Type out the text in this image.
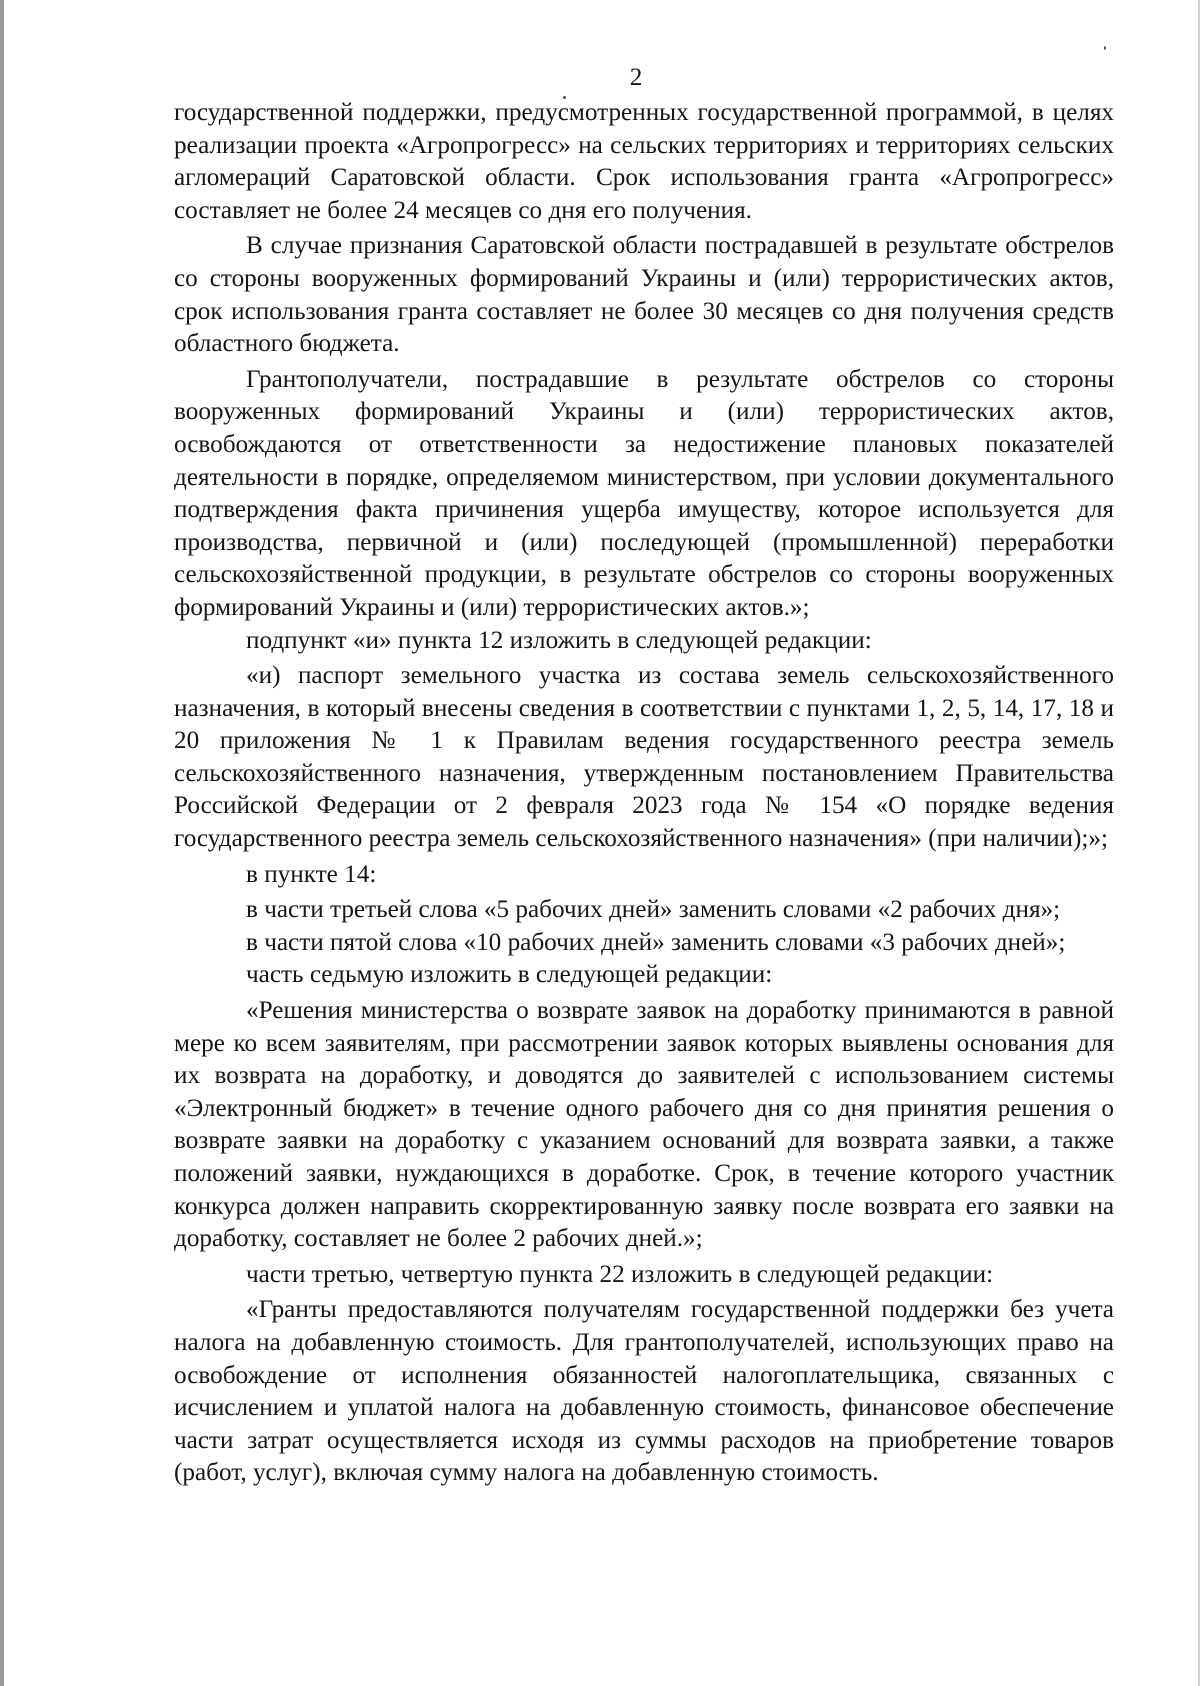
2

государственной поддержки, предусмотренных государственной программой, в целях реализации проекта «Агропрогресс» на сельских территориях и территориях сельских агломераций Саратовской области. Срок использования гранта «Агропрогресс» составляет не более 24 месяцев со дня его получения.

В случае признания Саратовской области пострадавшей в результате обстрелов со стороны вооруженных формирований Украины и (или) террористических актов, срок использования гранта составляет не более 30 месяцев со дня получения средств областного бюджета.

Грантополучатели, пострадавшие в результате обстрелов со стороны вооруженных формирований Украины и (или) террористических актов, освобождаются от ответственности за недостижение плановых показателей деятельности в порядке, определяемом министерством, при условии документального подтверждения факта причинения ущерба имуществу, которое используется для производства, первичной и (или) последующей (промышленной) переработки сельскохозяйственной продукции, в результате обстрелов со стороны вооруженных формирований Украины и (или) террористических актов.»;

подпункт «и» пункта 12 изложить в следующей редакции:

«и) паспорт земельного участка из состава земель сельскохозяйственного назначения, в который внесены сведения в соответствии с пунктами 1, 2, 5, 14, 17, 18 и 20 приложения № 1 к Правилам ведения государственного реестра земель сельскохозяйственного назначения, утвержденным постановлением Правительства Российской Федерации от 2 февраля 2023 года № 154 «О порядке ведения государственного реестра земель сельскохозяйственного назначения» (при наличии);»;

в пункте 14:

в части третьей слова «5 рабочих дней» заменить словами «2 рабочих дня»;

в части пятой слова «10 рабочих дней» заменить словами «3 рабочих дней»;

часть седьмую изложить в следующей редакции:

«Решения министерства о возврате заявок на доработку принимаются в равной мере ко всем заявителям, при рассмотрении заявок которых выявлены основания для их возврата на доработку, и доводятся до заявителей с использованием системы «Электронный бюджет» в течение одного рабочего дня со дня принятия решения о возврате заявки на доработку с указанием оснований для возврата заявки, а также положений заявки, нуждающихся в доработке. Срок, в течение которого участник конкурса должен направить скорректированную заявку после возврата его заявки на доработку, составляет не более 2 рабочих дней.»;

части третью, четвертую пункта 22 изложить в следующей редакции:

«Гранты предоставляются получателям государственной поддержки без учета налога на добавленную стоимость. Для грантополучателей, использующих право на освобождение от исполнения обязанностей налогоплательщика, связанных с исчислением и уплатой налога на добавленную стоимость, финансовое обеспечение части затрат осуществляется исходя из суммы расходов на приобретение товаров (работ, услуг), включая сумму налога на добавленную стоимость.
